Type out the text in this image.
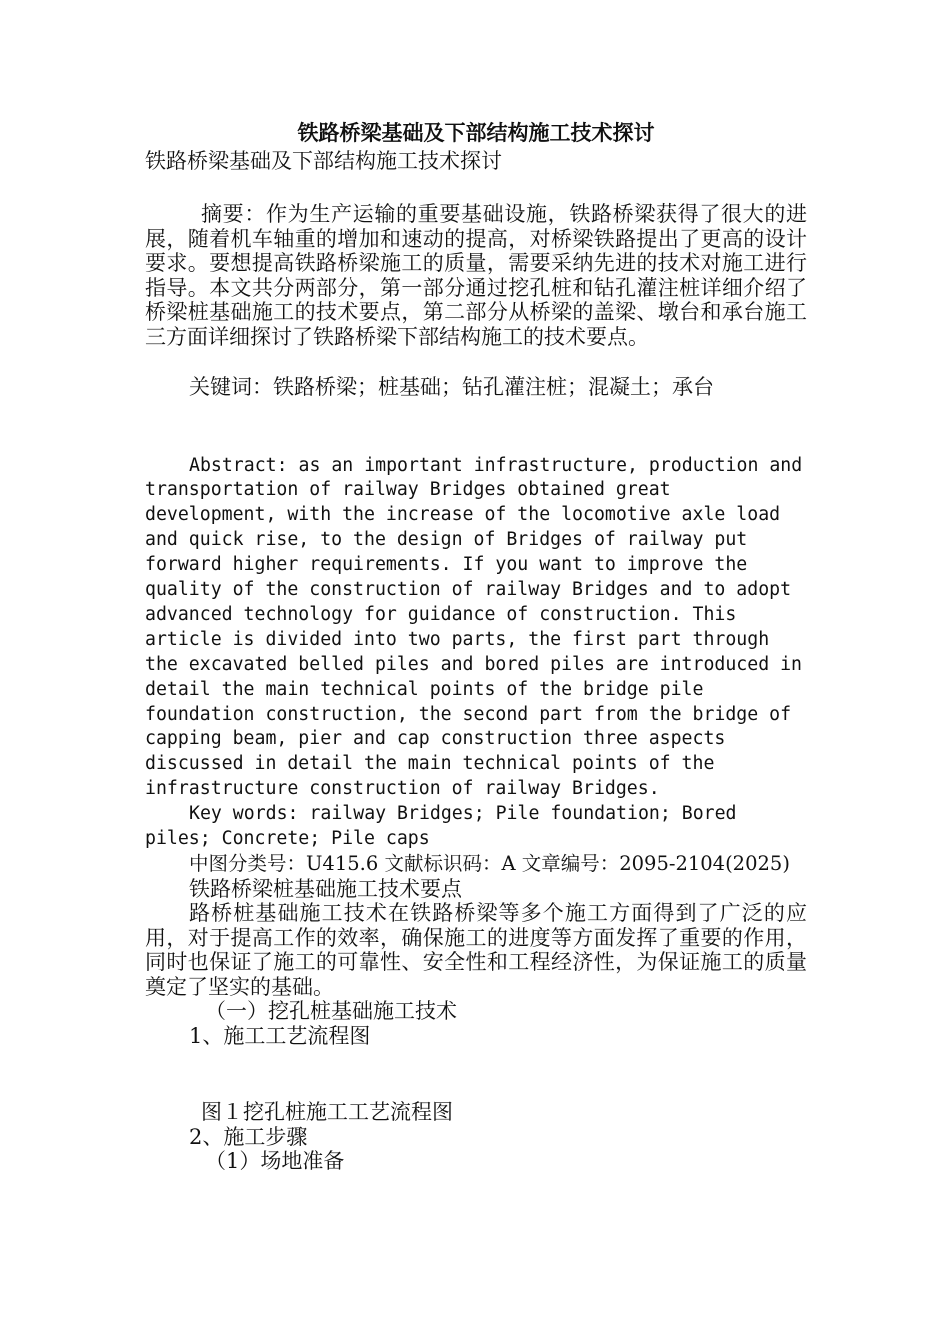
铁路桥梁基础及下部结构施工技术探讨

铁路桥梁基础及下部结构施工技术探讨

摘要：作为生产运输的重要基础设施，铁路桥梁获得了很大的进展，随着机车轴重的增加和速动的提高，对桥梁铁路提出了更高的设计要求。要想提高铁路桥梁施工的质量，需要采纳先进的技术对施工进行指导。本文共分两部分，第一部分通过挖孔桩和钻孔灌注桩详细介绍了桥梁桩基础施工的技术要点，第二部分从桥梁的盖梁、墩台和承台施工三方面详细探讨了铁路桥梁下部结构施工的技术要点。

关键词：铁路桥梁；桩基础；钻孔灌注桩；混凝土；承台

Abstract: as an important infrastructure, production and transportation of railway Bridges obtained great development, with the increase of the locomotive axle load and quick rise, to the design of Bridges of railway put forward higher requirements. If you want to improve the quality of the construction of railway Bridges and to adopt advanced technology for guidance of construction. This article is divided into two parts, the first part through the excavated belled piles and bored piles are introduced in detail the main technical points of the bridge pile foundation construction, the second part from the bridge of capping beam, pier and cap construction three aspects discussed in detail the main technical points of the infrastructure construction of railway Bridges.

Key words: railway Bridges; Pile foundation; Bored piles; Concrete; Pile caps

中图分类号：U415.6 文献标识码：A 文章编号：2095-2104(2025)

铁路桥梁桩基础施工技术要点

路桥桩基础施工技术在铁路桥梁等多个施工方面得到了广泛的应用，对于提高工作的效率，确保施工的进度等方面发挥了重要的作用，同时也保证了施工的可靠性、安全性和工程经济性，为保证施工的质量奠定了坚实的基础。

（一）挖孔桩基础施工技术

1、施工工艺流程图

图１挖孔桩施工工艺流程图

2、施工步骤

（1）场地准备
